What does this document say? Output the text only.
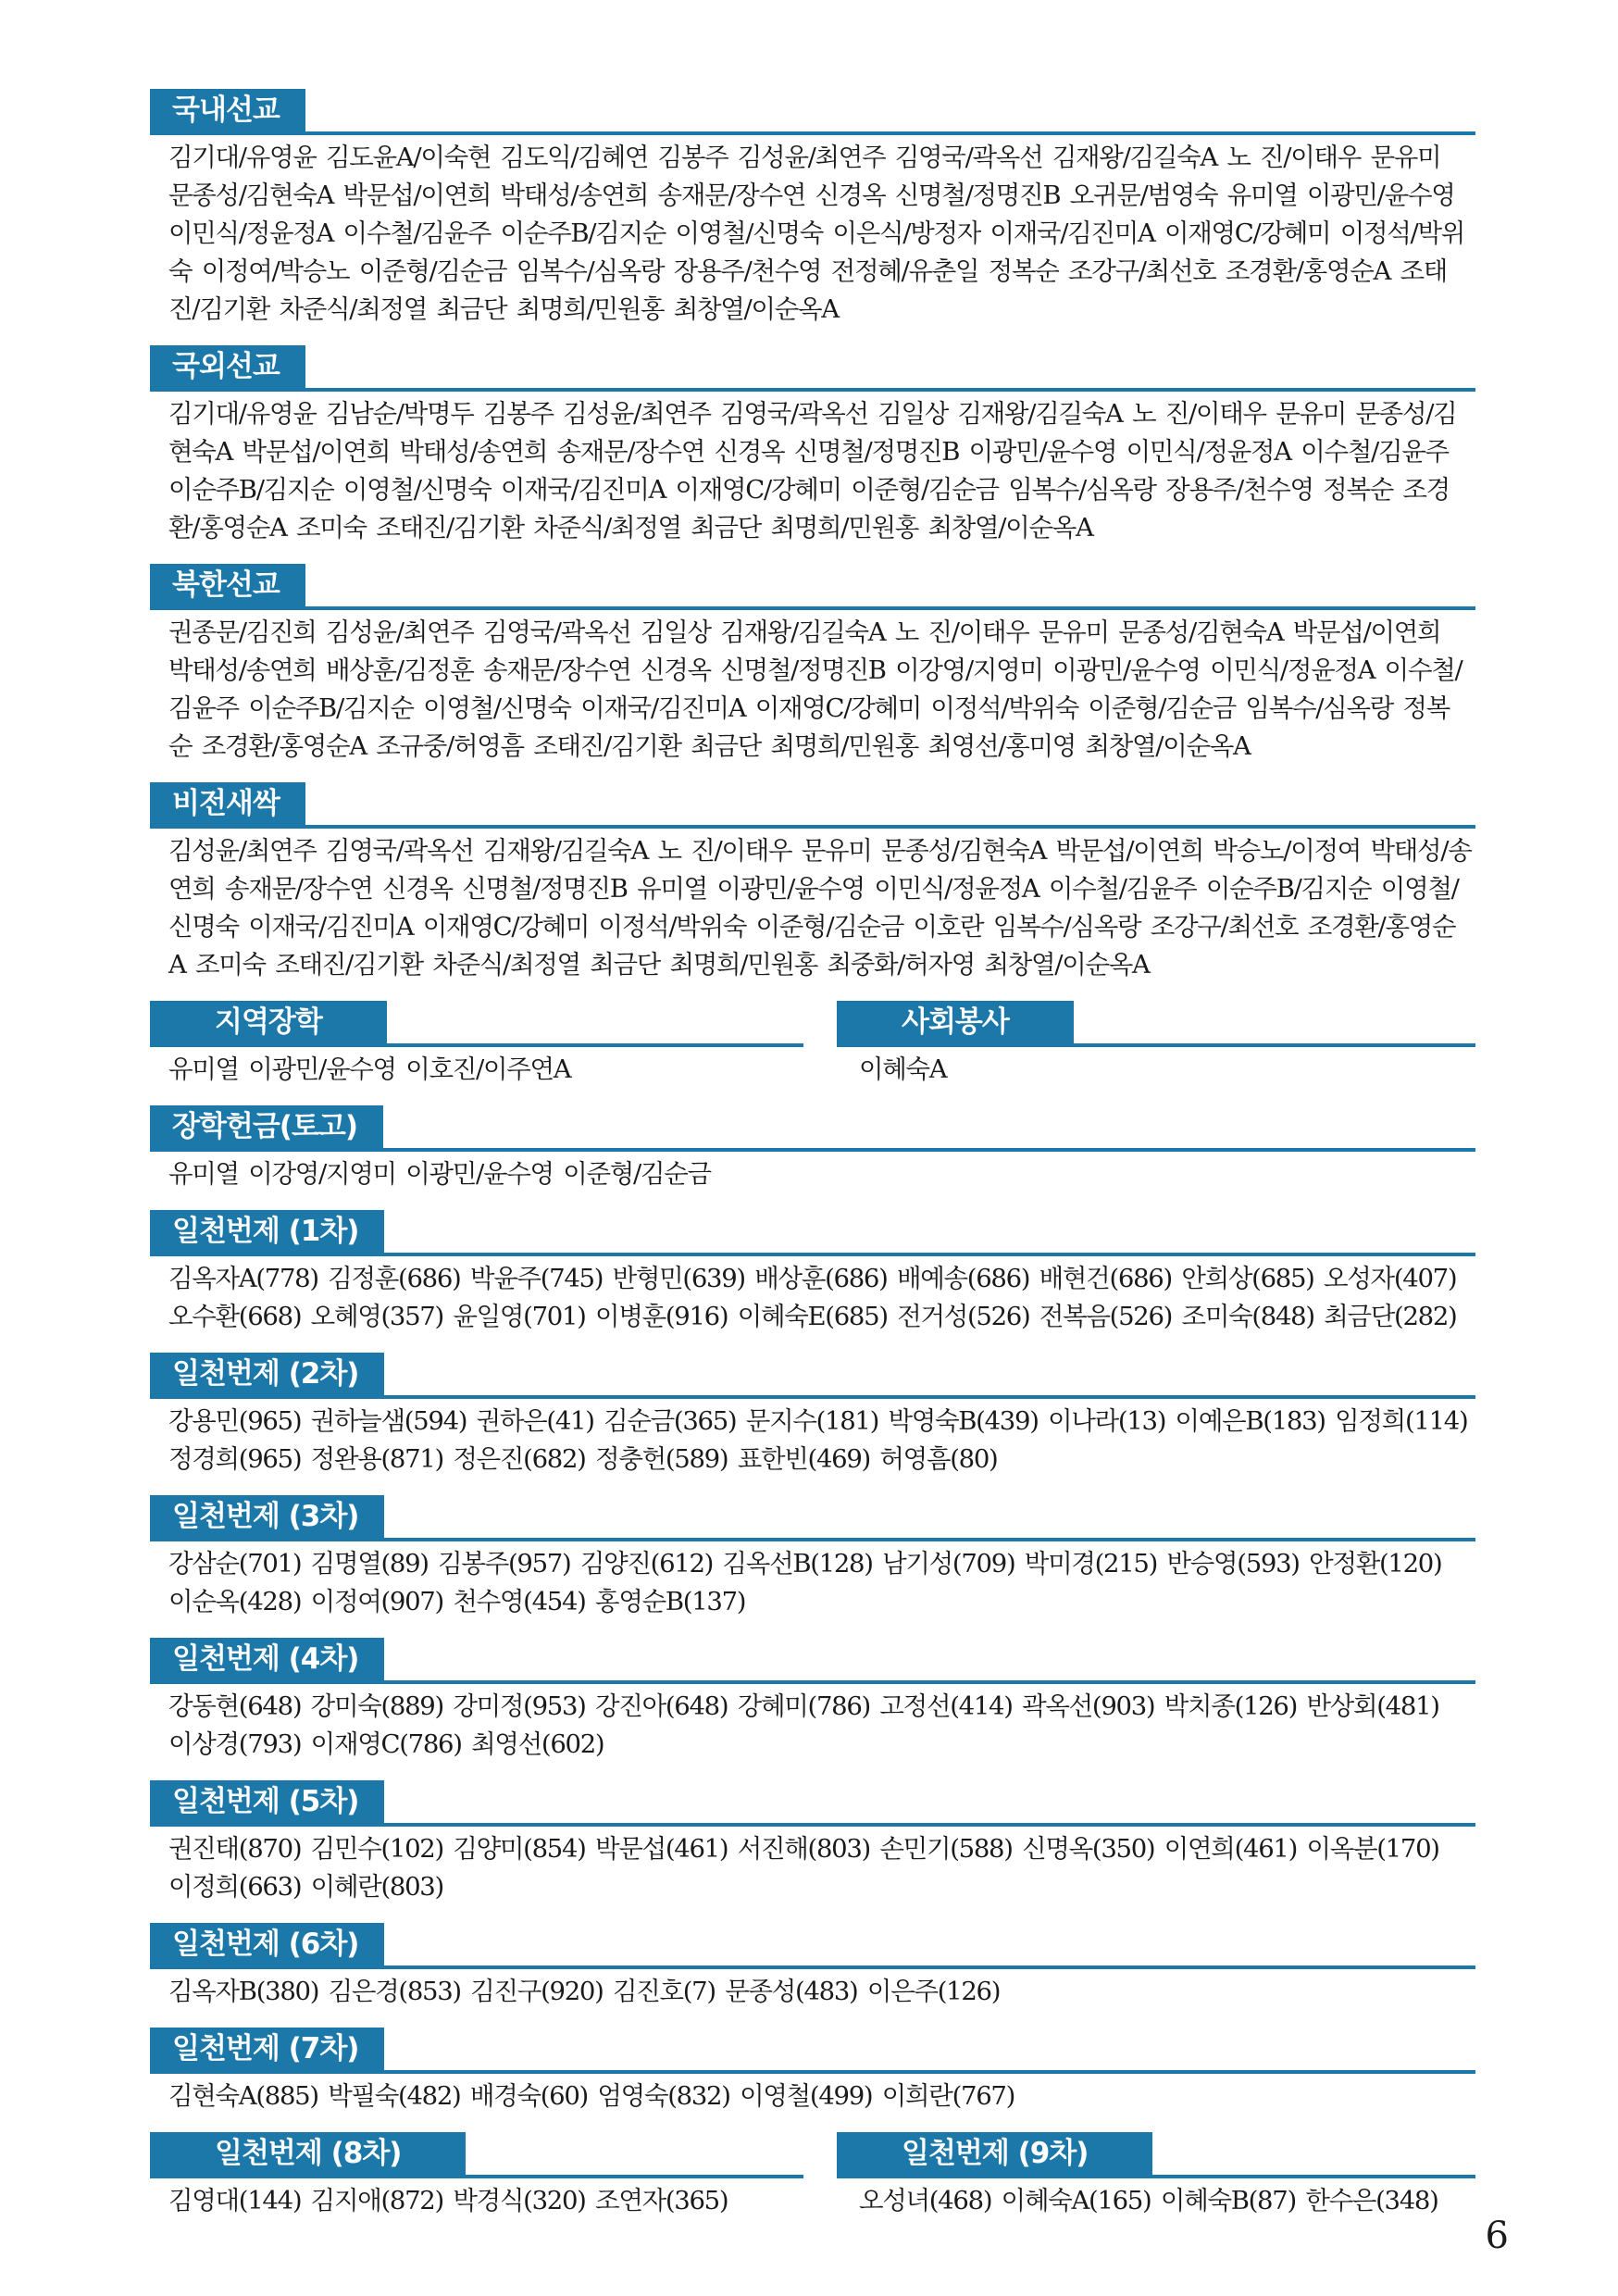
국내선교
김기대/유영윤 김도윤A/이숙현 김도익/김혜연 김봉주 김성윤/최연주 김영국/곽옥선 김재왕/김길숙A 노 진/이태우 문유미 문종성/김현숙A 박문섭/이연희 박태성/송연희 송재문/장수연 신경옥 신명철/정명진B 오귀문/범영숙 유미열 이광민/윤수영 이민식/정윤정A 이수철/김윤주 이순주B/김지순 이영철/신명숙 이은식/방정자 이재국/김진미A 이재영C/강혜미 이정석/박위숙 이정여/박승노 이준형/김순금 임복수/심옥랑 장용주/천수영 전정혜/유춘일 정복순 조강구/최선호 조경환/홍영순A 조태진/김기환 차준식/최정열 최금단 최명희/민원홍 최창열/이순옥A
국외선교
김기대/유영윤 김남순/박명두 김봉주 김성윤/최연주 김영국/곽옥선 김일상 김재왕/김길숙A 노 진/이태우 문유미 문종성/김현숙A 박문섭/이연희 박태성/송연희 송재문/장수연 신경옥 신명철/정명진B 이광민/윤수영 이민식/정윤정A 이수철/김윤주 이순주B/김지순 이영철/신명숙 이재국/김진미A 이재영C/강혜미 이준형/김순금 임복수/심옥랑 장용주/천수영 정복순 조경환/홍영순A 조미숙 조태진/김기환 차준식/최정열 최금단 최명희/민원홍 최창열/이순옥A
북한선교
권종문/김진희 김성윤/최연주 김영국/곽옥선 김일상 김재왕/김길숙A 노 진/이태우 문유미 문종성/김현숙A 박문섭/이연희 박태성/송연희 배상훈/김정훈 송재문/장수연 신경옥 신명철/정명진B 이강영/지영미 이광민/윤수영 이민식/정윤정A 이수철/김윤주 이순주B/김지순 이영철/신명숙 이재국/김진미A 이재영C/강혜미 이정석/박위숙 이준형/김순금 임복수/심옥랑 정복순 조경환/홍영순A 조규중/허영흠 조태진/김기환 최금단 최명희/민원홍 최영선/홍미영 최창열/이순옥A
비전새싹
김성윤/최연주 김영국/곽옥선 김재왕/김길숙A 노 진/이태우 문유미 문종성/김현숙A 박문섭/이연희 박승노/이정여 박태성/송연희 송재문/장수연 신경옥 신명철/정명진B 유미열 이광민/윤수영 이민식/정윤정A 이수철/김윤주 이순주B/김지순 이영철/신명숙 이재국/김진미A 이재영C/강혜미 이정석/박위숙 이준형/김순금 이호란 임복수/심옥랑 조강구/최선호 조경환/홍영순A 조미숙 조태진/김기환 차준식/최정열 최금단 최명희/민원홍 최중화/허자영 최창열/이순옥A
지역장학
유미열 이광민/윤수영 이호진/이주연A
사회봉사
이혜숙A
장학헌금(토고)
유미열 이강영/지영미 이광민/윤수영 이준형/김순금
일천번제 (1차)
김옥자A(778) 김정훈(686) 박윤주(745) 반형민(639) 배상훈(686) 배예송(686) 배현건(686) 안희상(685) 오성자(407) 오수환(668) 오혜영(357) 윤일영(701) 이병훈(916) 이혜숙E(685) 전거성(526) 전복음(526) 조미숙(848) 최금단(282)
일천번제 (2차)
강용민(965) 권하늘샘(594) 권하은(41) 김순금(365) 문지수(181) 박영숙B(439) 이나라(13) 이예은B(183) 임정희(114) 정경희(965) 정완용(871) 정은진(682) 정충헌(589) 표한빈(469) 허영흠(80)
일천번제 (3차)
강삼순(701) 김명열(89) 김봉주(957) 김양진(612) 김옥선B(128) 남기성(709) 박미경(215) 반승영(593) 안정환(120) 이순옥(428) 이정여(907) 천수영(454) 홍영순B(137)
일천번제 (4차)
강동현(648) 강미숙(889) 강미정(953) 강진아(648) 강혜미(786) 고정선(414) 곽옥선(903) 박치종(126) 반상회(481) 이상경(793) 이재영C(786) 최영선(602)
일천번제 (5차)
권진태(870) 김민수(102) 김양미(854) 박문섭(461) 서진해(803) 손민기(588) 신명옥(350) 이연희(461) 이옥분(170) 이정희(663) 이혜란(803)
일천번제 (6차)
김옥자B(380) 김은경(853) 김진구(920) 김진호(7) 문종성(483) 이은주(126)
일천번제 (7차)
김현숙A(885) 박필숙(482) 배경숙(60) 엄영숙(832) 이영철(499) 이희란(767)
일천번제 (8차)
김영대(144) 김지애(872) 박경식(320) 조연자(365)
일천번제 (9차)
오성녀(468) 이혜숙A(165) 이혜숙B(87) 한수은(348)
6
